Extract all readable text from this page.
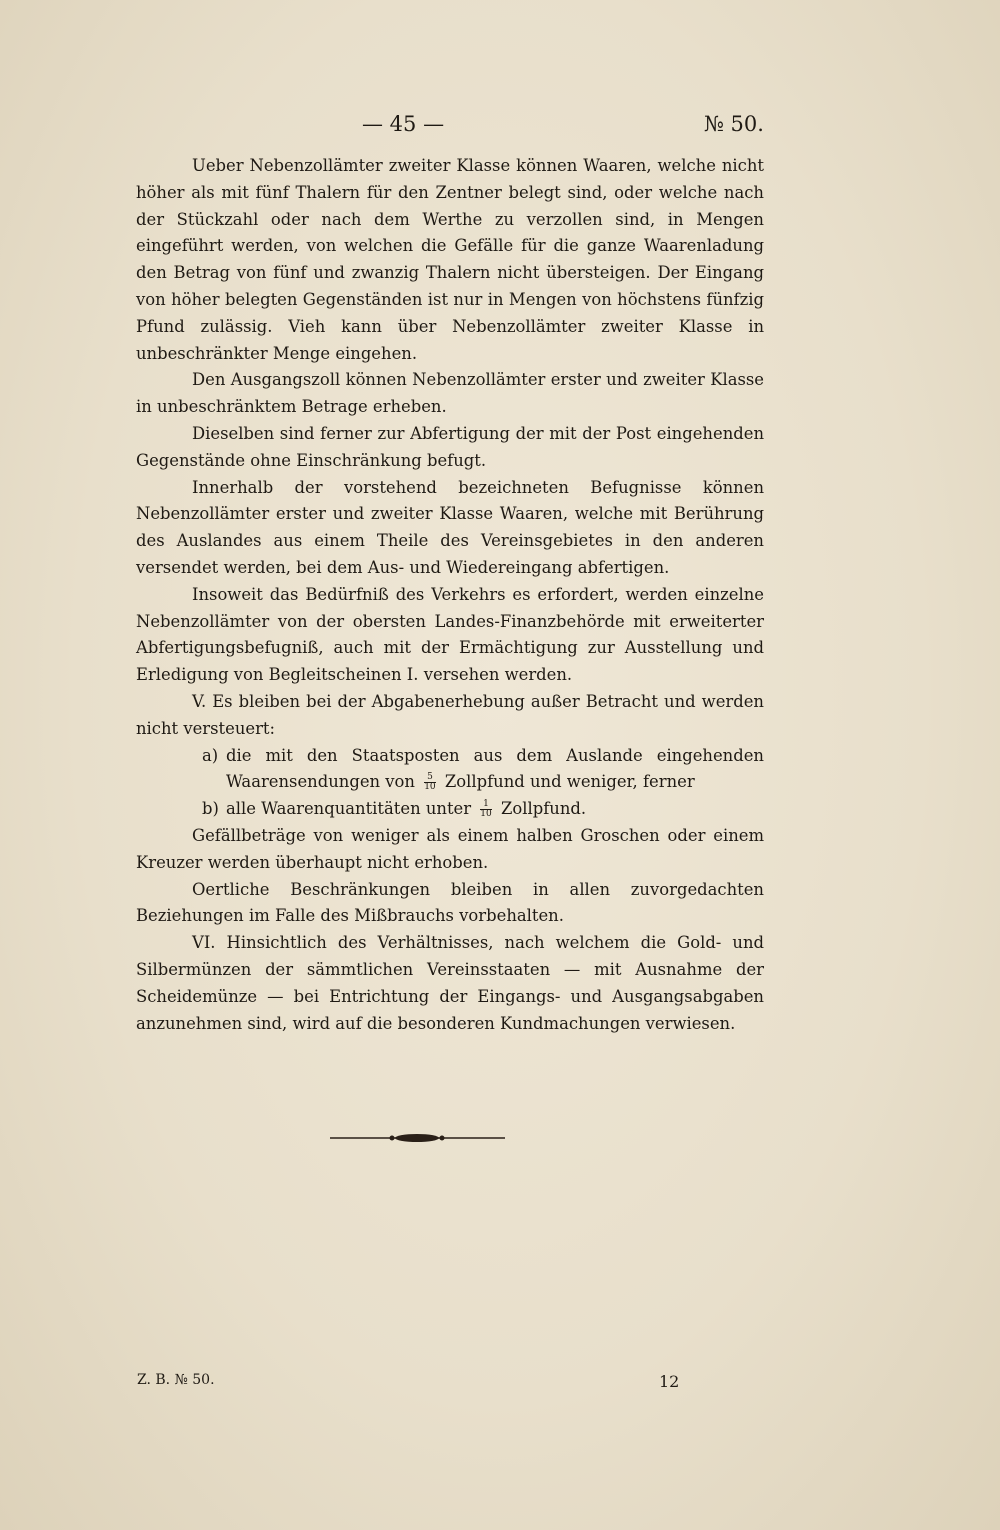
— 45 —	№ 50.

Ueber Nebenzollämter zweiter Klasse können Waaren, welche nicht höher als mit fünf Thalern für den Zentner belegt sind, oder welche nach der Stückzahl oder nach dem Werthe zu verzollen sind, in Mengen eingeführt werden, von welchen die Gefälle für die ganze Waarenladung den Betrag von fünf und zwanzig Thalern nicht übersteigen. Der Eingang von höher belegten Gegenständen ist nur in Mengen von höchstens fünfzig Pfund zulässig. Vieh kann über Nebenzollämter zweiter Klasse in unbeschränkter Menge eingehen.

Den Ausgangszoll können Nebenzollämter erster und zweiter Klasse in unbeschränktem Betrage erheben.

Dieselben sind ferner zur Abfertigung der mit der Post eingehenden Gegenstände ohne Einschränkung befugt.

Innerhalb der vorstehend bezeichneten Befugnisse können Nebenzollämter erster und zweiter Klasse Waaren, welche mit Berührung des Auslandes aus einem Theile des Vereinsgebietes in den anderen versendet werden, bei dem Aus- und Wiedereingang abfertigen.

Insoweit das Bedürfniß des Verkehrs es erfordert, werden einzelne Nebenzollämter von der obersten Landes-Finanzbehörde mit erweiterter Abfertigungsbefugniß, auch mit der Ermächtigung zur Ausstellung und Erledigung von Begleitscheinen I. versehen werden.

V. Es bleiben bei der Abgabenerhebung außer Betracht und werden nicht versteuert:

a) die mit den Staatsposten aus dem Auslande eingehenden Waarensendungen von $\frac{5}{10}$ Zollpfund und weniger, ferner
b) alle Waarenquantitäten unter $\frac{1}{10}$ Zollpfund.

Gefällbeträge von weniger als einem halben Groschen oder einem Kreuzer werden überhaupt nicht erhoben.

Oertliche Beschränkungen bleiben in allen zuvorgedachten Beziehungen im Falle des Mißbrauchs vorbehalten.

VI. Hinsichtlich des Verhältnisses, nach welchem die Gold- und Silbermünzen der sämmtlichen Vereinsstaaten — mit Ausnahme der Scheidemünze — bei Entrichtung der Eingangs- und Ausgangsabgaben anzunehmen sind, wird auf die besonderen Kundmachungen verwiesen.

Z. B. № 50.	12
